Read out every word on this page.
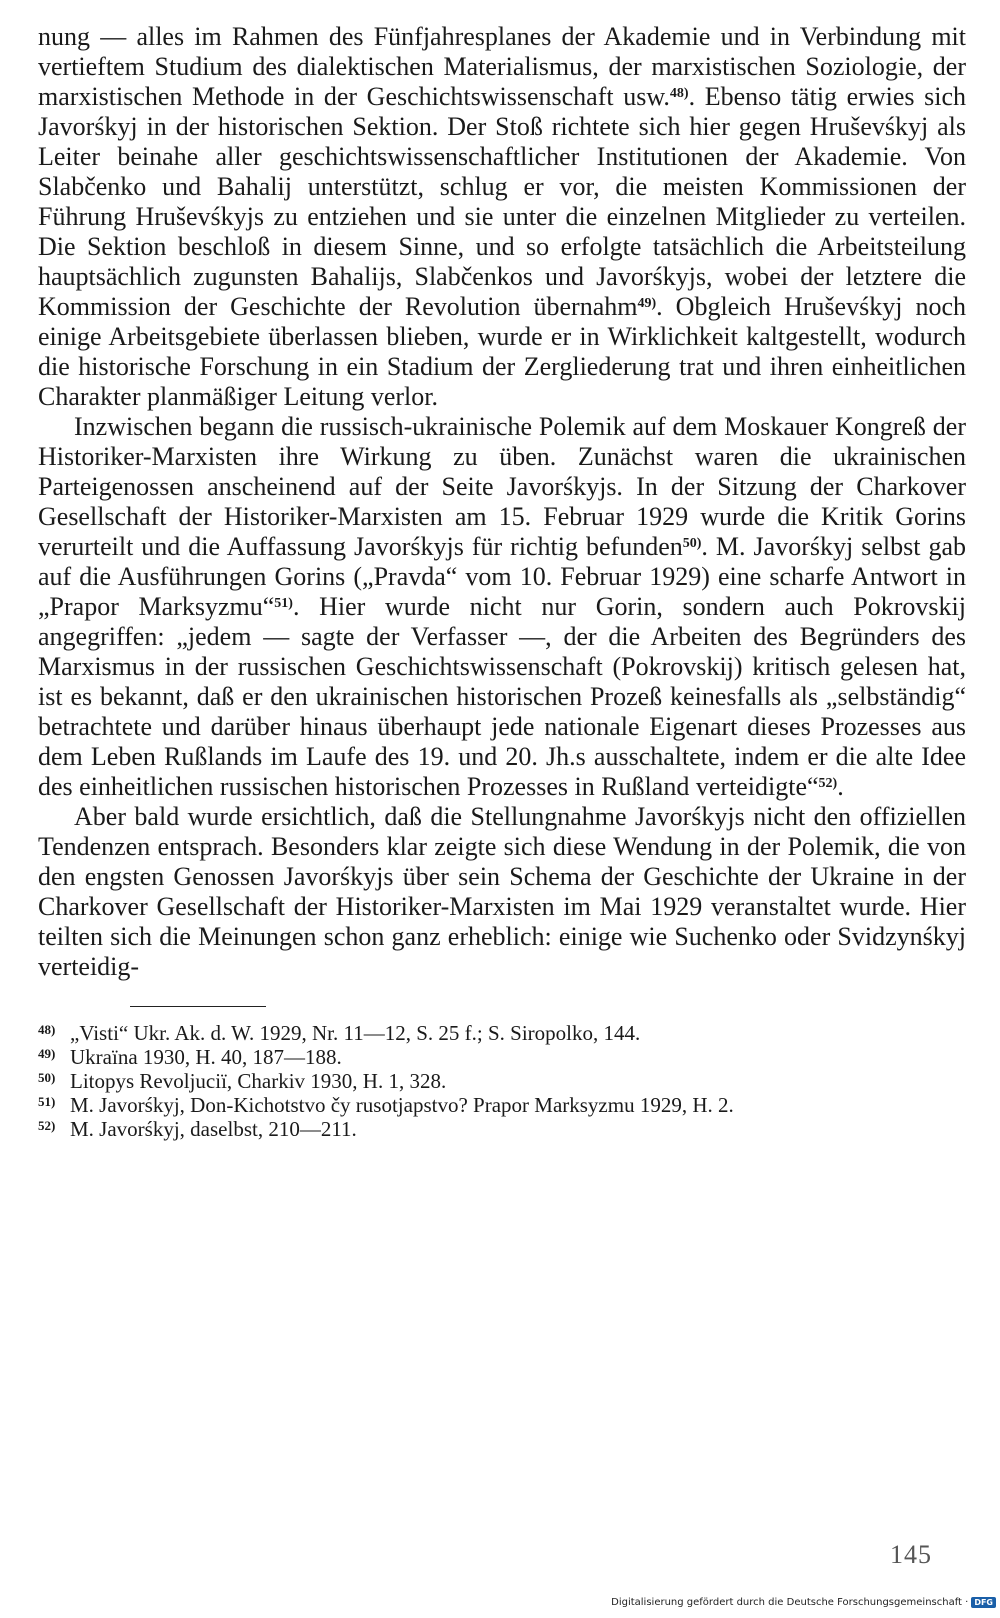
nung — alles im Rahmen des Fünfjahresplanes der Akademie und in Verbindung mit vertieftem Studium des dialektischen Materialismus, der marxistischen Soziologie, der marxistischen Methode in der Geschichtswissenschaft usw.$^{48)}$. Ebenso tätig erwies sich Javorśkyj in der historischen Sektion. Der Stoß richtete sich hier gegen Hruševśkyj als Leiter beinahe aller geschichtswissenschaftlicher Institutionen der Akademie. Von Slabčenko und Bahalij unterstützt, schlug er vor, die meisten Kommissionen der Führung Hruševśkyjs zu entziehen und sie unter die einzelnen Mitglieder zu verteilen. Die Sektion beschloß in diesem Sinne, und so erfolgte tatsächlich die Arbeitsteilung hauptsächlich zugunsten Bahalijs, Slabčenkos und Javorśkyjs, wobei der letztere die Kommission der Geschichte der Revolution übernahm$^{49)}$. Obgleich Hruševśkyj noch einige Arbeitsgebiete überlassen blieben, wurde er in Wirklichkeit kaltgestellt, wodurch die historische Forschung in ein Stadium der Zergliederung trat und ihren einheitlichen Charakter planmäßiger Leitung verlor.

Inzwischen begann die russisch-ukrainische Polemik auf dem Moskauer Kongreß der Historiker-Marxisten ihre Wirkung zu üben. Zunächst waren die ukrainischen Parteigenossen anscheinend auf der Seite Javorśkyjs. In der Sitzung der Charkover Gesellschaft der Historiker-Marxisten am 15. Februar 1929 wurde die Kritik Gorins verurteilt und die Auffassung Javorśkyjs für richtig befunden$^{50)}$. M. Javorśkyj selbst gab auf die Ausführungen Gorins („Pravda“ vom 10. Februar 1929) eine scharfe Antwort in „Prapor Marksyzmu“$^{51)}$. Hier wurde nicht nur Gorin, sondern auch Pokrovskij angegriffen: „jedem — sagte der Verfasser —, der die Arbeiten des Begründers des Marxismus in der russischen Geschichtswissenschaft (Pokrovskij) kritisch gelesen hat, ist es bekannt, daß er den ukrainischen historischen Prozeß keinesfalls als „selbständig“ betrachtete und darüber hinaus überhaupt jede nationale Eigenart dieses Prozesses aus dem Leben Rußlands im Laufe des 19. und 20. Jh.s ausschaltete, indem er die alte Idee des einheitlichen russischen historischen Prozesses in Rußland verteidigte“$^{52)}$.

Aber bald wurde ersichtlich, daß die Stellungnahme Javorśkyjs nicht den offiziellen Tendenzen entsprach. Besonders klar zeigte sich diese Wendung in der Polemik, die von den engsten Genossen Javorśkyjs über sein Schema der Geschichte der Ukraine in der Charkover Gesellschaft der Historiker-Marxisten im Mai 1929 veranstaltet wurde. Hier teilten sich die Meinungen schon ganz erheblich: einige wie Suchenko oder Svidzynśkyj verteidig-

48) „Visti“ Ukr. Ak. d. W. 1929, Nr. 11—12, S. 25 f.; S. Siropolko, 144.

49) Ukraïna 1930, H. 40, 187—188.

50) Litopys Revoljuciï, Charkiv 1930, H. 1, 328.

51) M. Javorśkyj, Don-Kichotstvo čy rusotjapstvo? Prapor Marksyzmu 1929, H. 2.

52) M. Javorśkyj, daselbst, 210—211.

145
Digitalisierung gefördert durch die Deutsche Forschungsgemeinschaft · DFG
